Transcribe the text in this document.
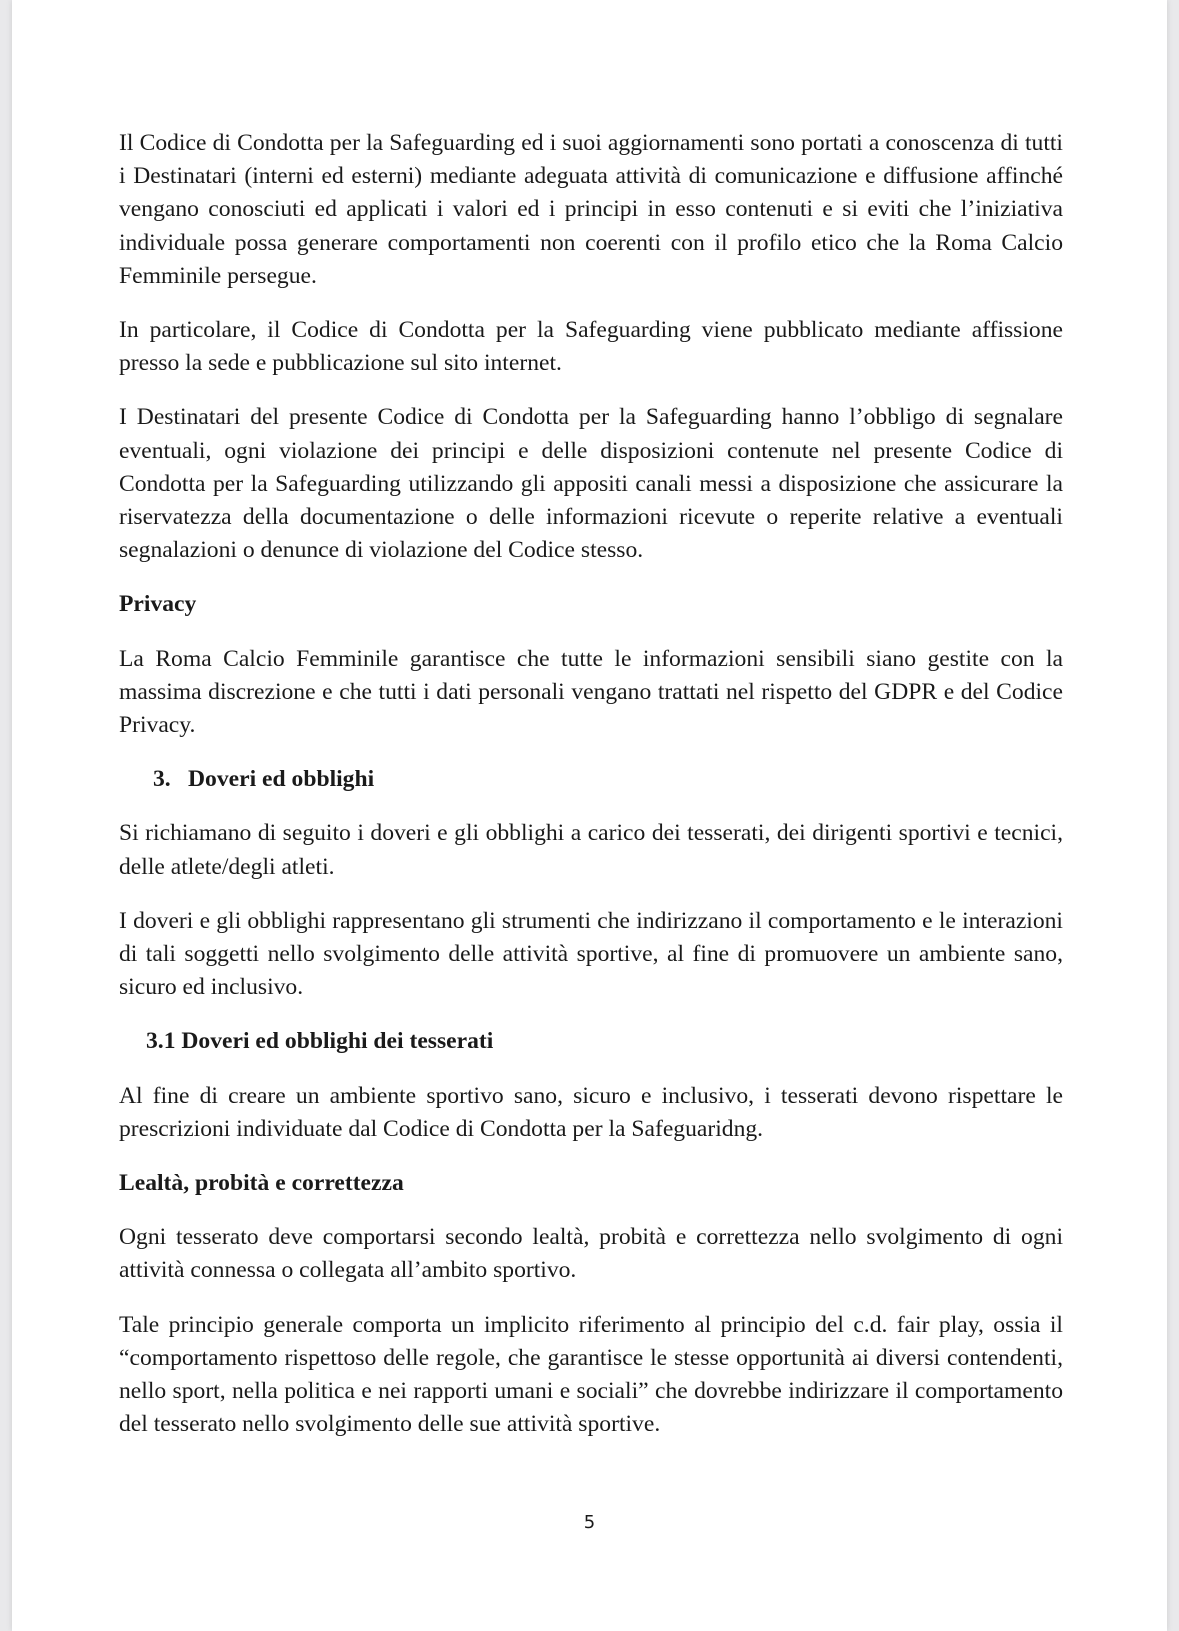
Il Codice di Condotta per la Safeguarding ed i suoi aggiornamenti sono portati a conoscenza di tutti i Destinatari (interni ed esterni) mediante adeguata attività di comunicazione e diffusione affinché vengano conosciuti ed applicati i valori ed i principi in esso contenuti e si eviti che l’iniziativa individuale possa generare comportamenti non coerenti con il profilo etico che la Roma Calcio Femminile persegue.

In particolare, il Codice di Condotta per la Safeguarding viene pubblicato mediante affissione presso la sede e pubblicazione sul sito internet.

I Destinatari del presente Codice di Condotta per la Safeguarding hanno l’obbligo di segnalare eventuali, ogni violazione dei principi e delle disposizioni contenute nel presente Codice di Condotta per la Safeguarding utilizzando gli appositi canali messi a disposizione che assicurare la riservatezza della documentazione o delle informazioni ricevute o reperite relative a eventuali segnalazioni o denunce di violazione del Codice stesso.

Privacy

La Roma Calcio Femminile garantisce che tutte le informazioni sensibili siano gestite con la massima discrezione e che tutti i dati personali vengano trattati nel rispetto del GDPR e del Codice Privacy.

3. Doveri ed obblighi

Si richiamano di seguito i doveri e gli obblighi a carico dei tesserati, dei dirigenti sportivi e tecnici, delle atlete/degli atleti.

I doveri e gli obblighi rappresentano gli strumenti che indirizzano il comportamento e le interazioni di tali soggetti nello svolgimento delle attività sportive, al fine di promuovere un ambiente sano, sicuro ed inclusivo.

3.1 Doveri ed obblighi dei tesserati

Al fine di creare un ambiente sportivo sano, sicuro e inclusivo, i tesserati devono rispettare le prescrizioni individuate dal Codice di Condotta per la Safeguaridng.

Lealtà, probità e correttezza

Ogni tesserato deve comportarsi secondo lealtà, probità e correttezza nello svolgimento di ogni attività connessa o collegata all’ambito sportivo.

Tale principio generale comporta un implicito riferimento al principio del c.d. fair play, ossia il “comportamento rispettoso delle regole, che garantisce le stesse opportunità ai diversi contendenti, nello sport, nella politica e nei rapporti umani e sociali” che dovrebbe indirizzare il comportamento del tesserato nello svolgimento delle sue attività sportive.

5
